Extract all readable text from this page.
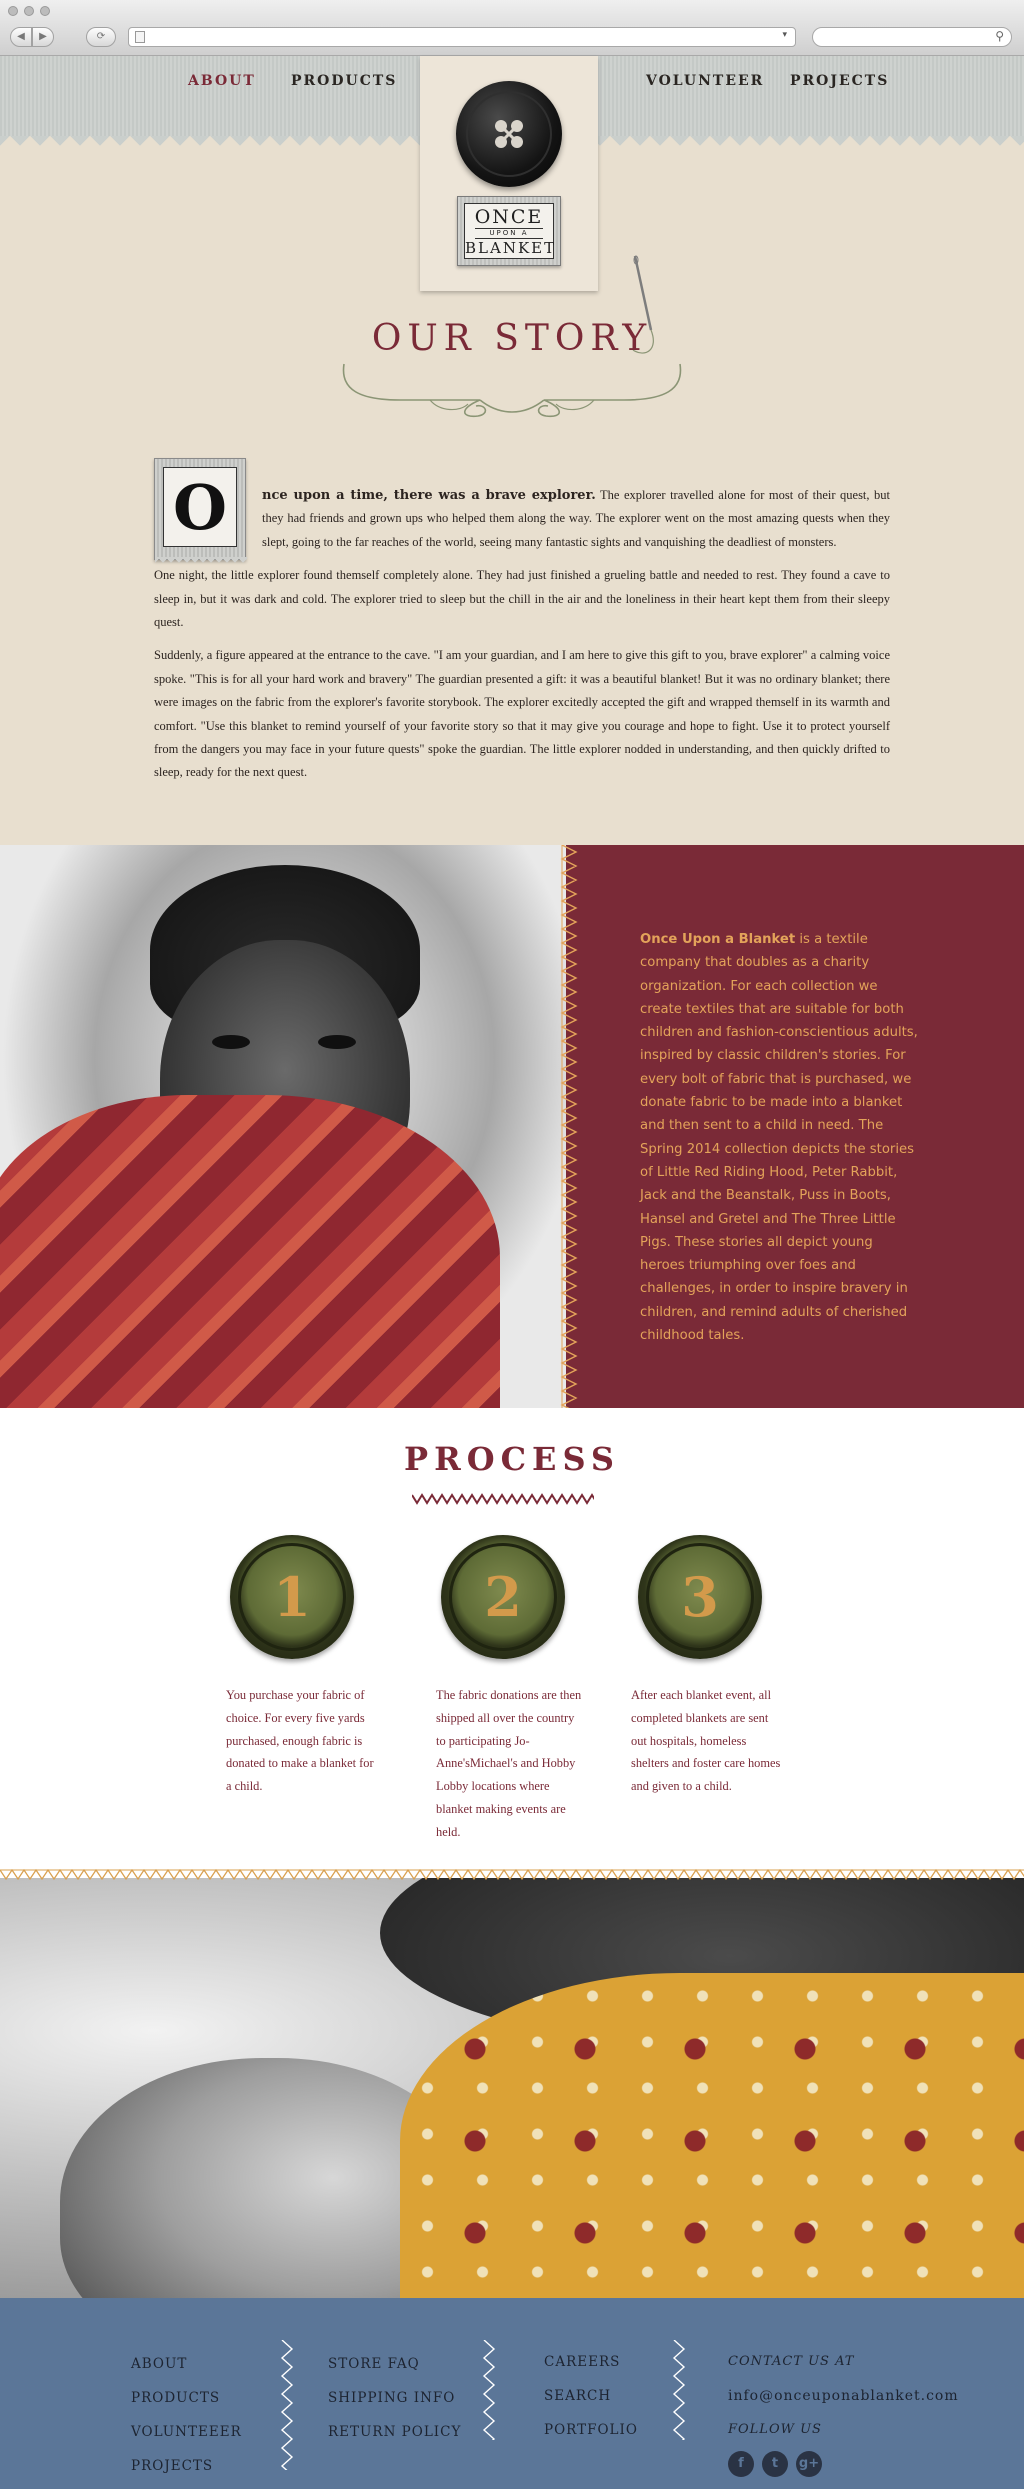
◀	▶	⟳	▾	⚲
ABOUT	PRODUCTS	VOLUNTEER PROJECTS
ONCE
UPON A
BLANKET
OUR STORY
O	nce upon a time, there was a brave explorer. The explorer travelled alone for most of their quest, but they had friends and grown ups who helped them along the way. The explorer went on the most amazing quests when they slept, going to the far reaches of the world, seeing many fantastic sights and vanquishing the deadliest of monsters.

One night, the little explorer found themself completely alone. They had just finished a grueling battle and needed to rest. They found a cave to sleep in, but it was dark and cold. The explorer tried to sleep but the chill in the air and the loneliness in their heart kept them from their sleepy quest.

Suddenly, a figure appeared at the entrance to the cave. "I am your guardian, and I am here to give this gift to you, brave explorer" a calming voice spoke. "This is for all your hard work and bravery" The guardian presented a gift: it was a beautiful blanket! But it was no ordinary blanket; there were images on the fabric from the explorer's favorite storybook. The explorer excitedly accepted the gift and wrapped themself in its warmth and comfort. "Use this blanket to remind yourself of your favorite story so that it may give you courage and hope to fight. Use it to protect yourself from the dangers you may face in your future quests" spoke the guardian. The little explorer nodded in understanding, and then quickly drifted to sleep, ready for the next quest.

Once Upon a Blanket is a textile company that doubles as a charity organization. For each collection we create textiles that are suitable for both children and fashion-conscientious adults, inspired by classic children's stories. For every bolt of fabric that is purchased, we donate fabric to be made into a blanket and then sent to a child in need. The Spring 2014 collection depicts the stories of Little Red Riding Hood, Peter Rabbit, Jack and the Beanstalk, Puss in Boots, Hansel and Gretel and The Three Little Pigs. These stories all depict young heroes triumphing over foes and challenges, in order to inspire bravery in children, and remind adults of cherished childhood tales.
PROCESS
1	2	3

You purchase your fabric of choice. For every five yards purchased, enough fabric is donated to make a blanket for a child.

The fabric donations are then shipped all over the country to participating Jo-Anne'sMichael's and Hobby Lobby locations where blanket making events are held.

After each blanket event, all completed blankets are sent out hospitals, homeless shelters and foster care homes and given to a child.

ABOUT
PRODUCTS
VOLUNTEEER
PROJECTS
STORE FAQ
SHIPPING INFO
RETURN POLICY
CAREERS
SEARCH
PORTFOLIO
CONTACT US AT
info@onceuponablanket.com
FOLLOW US
f	t	g+
